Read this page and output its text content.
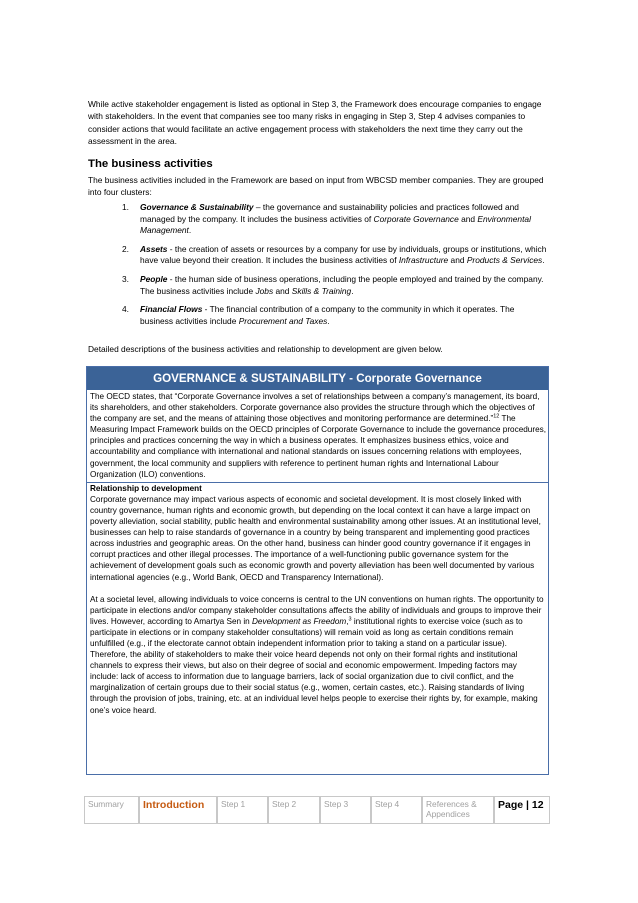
While active stakeholder engagement is listed as optional in Step 3, the Framework does encourage companies to engage with stakeholders. In the event that companies see too many risks in engaging in Step 3, Step 4 advises companies to consider actions that would facilitate an active engagement process with stakeholders the next time they carry out the assessment in the area.
The business activities
The business activities included in the Framework are based on input from WBCSD member companies. They are grouped into four clusters:
1. Governance & Sustainability – the governance and sustainability policies and practices followed and managed by the company. It includes the business activities of Corporate Governance and Environmental Management.
2. Assets - the creation of assets or resources by a company for use by individuals, groups or institutions, which have value beyond their creation. It includes the business activities of Infrastructure and Products & Services.
3. People - the human side of business operations, including the people employed and trained by the company. The business activities include Jobs and Skills & Training.
4. Financial Flows - The financial contribution of a company to the community in which it operates. The business activities include Procurement and Taxes.
Detailed descriptions of the business activities and relationship to development are given below.
GOVERNANCE & SUSTAINABILITY - Corporate Governance
The OECD states, that “Corporate Governance involves a set of relationships between a company’s management, its board, its shareholders, and other stakeholders. Corporate governance also provides the structure through which the objectives of the company are set, and the means of attaining those objectives and monitoring performance are determined.”$^{12}$ The Measuring Impact Framework builds on the OECD principles of Corporate Governance to include the governance procedures, principles and practices concerning the way in which a business operates. It emphasizes business ethics, voice and accountability and compliance with international and national standards on issues concerning relations with employees, government, the local community and suppliers with reference to pertinent human rights and International Labour Organization (ILO) conventions.
Relationship to development

Corporate governance may impact various aspects of economic and societal development. It is most closely linked with country governance, human rights and economic growth, but depending on the local context it can have a large impact on poverty alleviation, social stability, public health and environmental sustainability among other issues. At an institutional level, businesses can help to raise standards of governance in a country by being transparent and implementing good practices across industries and geographic areas. On the other hand, business can hinder good country governance if it engages in corrupt practices and other illegal processes. The importance of a well-functioning public governance system for the achievement of development goals such as economic growth and poverty alleviation has been well documented by various international agencies (e.g., World Bank, OECD and Transparency International).

At a societal level, allowing individuals to voice concerns is central to the UN conventions on human rights. The opportunity to participate in elections and/or company stakeholder consultations affects the ability of individuals and groups to improve their lives. However, according to Amartya Sen in Development as Freedom,$^3$ institutional rights to exercise voice (such as to participate in elections or in company stakeholder consultations) will remain void as long as certain conditions remain unfulfilled (e.g., if the electorate cannot obtain independent information prior to taking a stand on a particular issue). Therefore, the ability of stakeholders to make their voice heard depends not only on their formal rights and institutional channels to express their views, but also on their degree of social and economic empowerment. Impeding factors may include: lack of access to information due to language barriers, lack of social organization due to civil conflict, and the marginalization of certain groups due to their social status (e.g., women, certain castes, etc.). Raising standards of living through the provision of jobs, training, etc. at an individual level helps people to exercise their rights by, for example, making one’s voice heard.

Summary	Introduction	Step 1	Step 2	Step 3	Step 4	References & Appendices
Page | 12
